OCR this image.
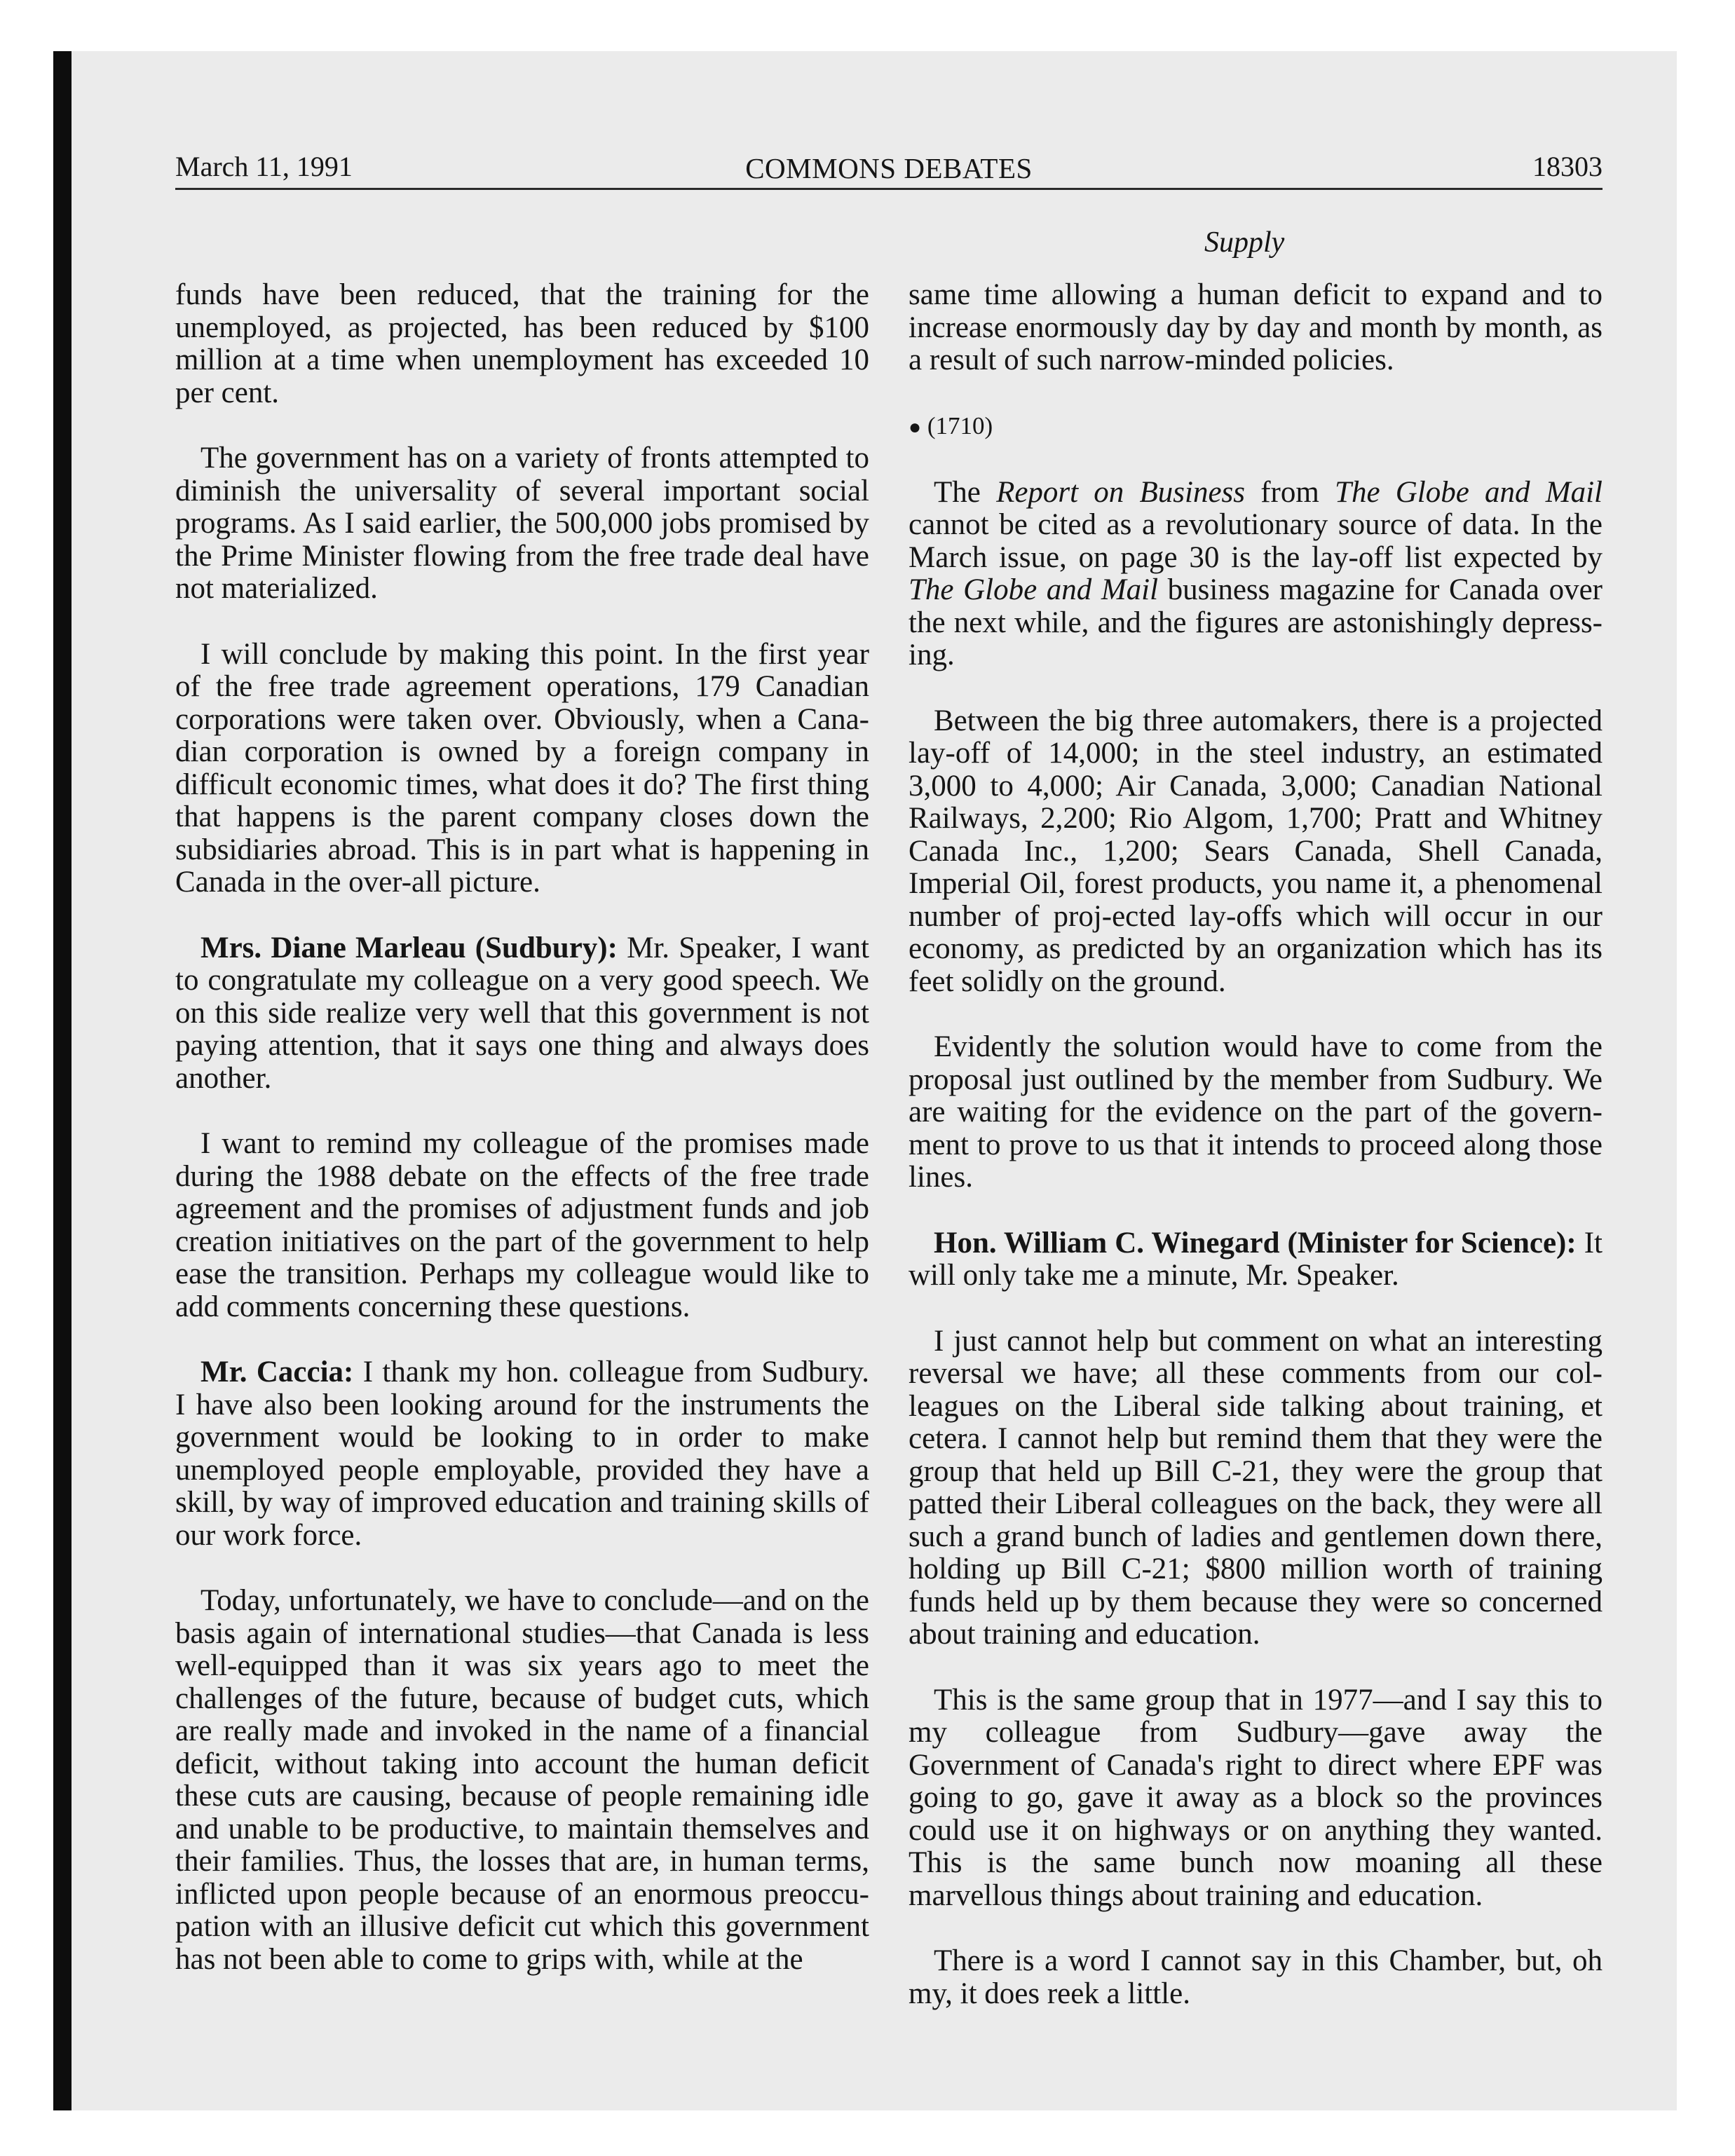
March 11, 1991	COMMONS DEBATES	18303
Supply

funds have been reduced, that the training for the unemployed, as projected, has been reduced by $100 million at a time when unemployment has exceeded 10 per cent.

The government has on a variety of fronts attempted to diminish the universality of several important social programs. As I said earlier, the 500,000 jobs promised by the Prime Minister flowing from the free trade deal have not materialized.

I will conclude by making this point. In the first year of the free trade agreement operations, 179 Canadian corporations were taken over. Obviously, when a Cana-dian corporation is owned by a foreign company in difficult economic times, what does it do? The first thing that happens is the parent company closes down the subsidiaries abroad. This is in part what is happening in Canada in the over-all picture.

Mrs. Diane Marleau (Sudbury): Mr. Speaker, I want to congratulate my colleague on a very good speech. We on this side realize very well that this government is not paying attention, that it says one thing and always does another.

I want to remind my colleague of the promises made during the 1988 debate on the effects of the free trade agreement and the promises of adjustment funds and job creation initiatives on the part of the government to help ease the transition. Perhaps my colleague would like to add comments concerning these questions.

Mr. Caccia: I thank my hon. colleague from Sudbury. I have also been looking around for the instruments the government would be looking to in order to make unemployed people employable, provided they have a skill, by way of improved education and training skills of our work force.

Today, unfortunately, we have to conclude—and on the basis again of international studies—that Canada is less well-equipped than it was six years ago to meet the challenges of the future, because of budget cuts, which are really made and invoked in the name of a financial deficit, without taking into account the human deficit these cuts are causing, because of people remaining idle and unable to be productive, to maintain themselves and their families. Thus, the losses that are, in human terms, inflicted upon people because of an enormous preoccu-pation with an illusive deficit cut which this government has not been able to come to grips with, while at the

same time allowing a human deficit to expand and to increase enormously day by day and month by month, as a result of such narrow-minded policies.

● (1710)

The Report on Business from The Globe and Mail cannot be cited as a revolutionary source of data. In the March issue, on page 30 is the lay-off list expected by The Globe and Mail business magazine for Canada over the next while, and the figures are astonishingly depress-ing.

Between the big three automakers, there is a projected lay-off of 14,000; in the steel industry, an estimated 3,000 to 4,000; Air Canada, 3,000; Canadian National Railways, 2,200; Rio Algom, 1,700; Pratt and Whitney Canada Inc., 1,200; Sears Canada, Shell Canada, Imperial Oil, forest products, you name it, a phenomenal number of proj-ected lay-offs which will occur in our economy, as predicted by an organization which has its feet solidly on the ground.

Evidently the solution would have to come from the proposal just outlined by the member from Sudbury. We are waiting for the evidence on the part of the govern-ment to prove to us that it intends to proceed along those lines.

Hon. William C. Winegard (Minister for Science): It will only take me a minute, Mr. Speaker.

I just cannot help but comment on what an interesting reversal we have; all these comments from our col-leagues on the Liberal side talking about training, et cetera. I cannot help but remind them that they were the group that held up Bill C-21, they were the group that patted their Liberal colleagues on the back, they were all such a grand bunch of ladies and gentlemen down there, holding up Bill C-21; $800 million worth of training funds held up by them because they were so concerned about training and education.

This is the same group that in 1977—and I say this to my colleague from Sudbury—gave away the Government of Canada's right to direct where EPF was going to go, gave it away as a block so the provinces could use it on highways or on anything they wanted. This is the same bunch now moaning all these marvellous things about training and education.

There is a word I cannot say in this Chamber, but, oh my, it does reek a little.
